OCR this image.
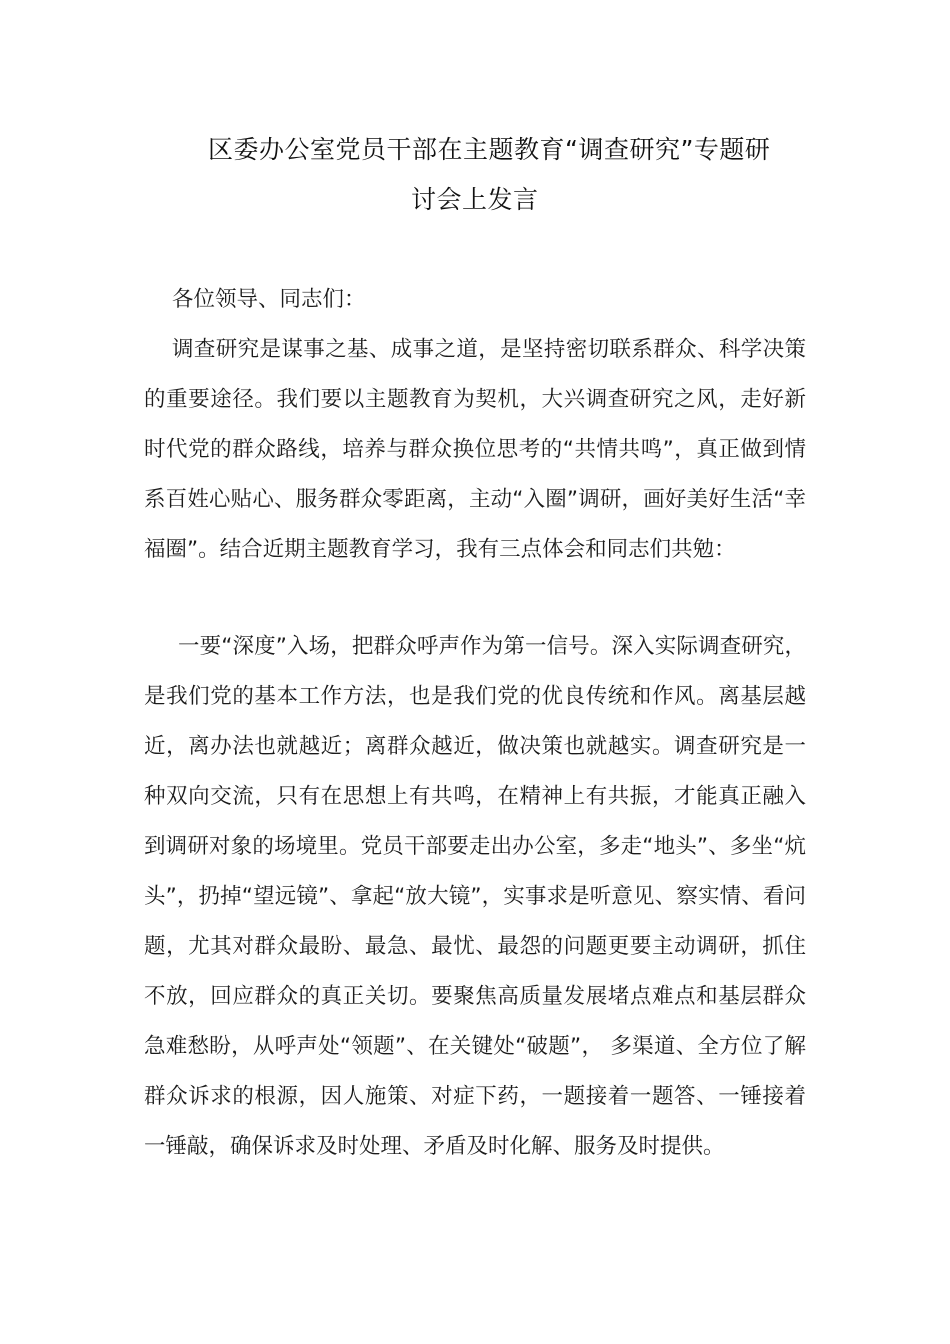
区委办公室党员干部在主题教育“调查研究”专题研
讨会上发言
各位领导、同志们：
调查研究是谋事之基、成事之道，是坚持密切联系群众、科学决策的重要途径。我们要以主题教育为契机，大兴调查研究之风，走好新时代党的群众路线，培养与群众换位思考的“共情共鸣”，真正做到情系百姓心贴心、服务群众零距离，主动“入圈”调研，画好美好生活“幸福圈”。结合近期主题教育学习，我有三点体会和同志们共勉：
一要“深度”入场，把群众呼声作为第一信号。深入实际调查研究，是我们党的基本工作方法，也是我们党的优良传统和作风。离基层越近，离办法也就越近；离群众越近，做决策也就越实。调查研究是一种双向交流，只有在思想上有共鸣，在精神上有共振，才能真正融入到调研对象的场境里。党员干部要走出办公室，多走“地头”、多坐“炕头”，扔掉“望远镜”、拿起“放大镜”，实事求是听意见、察实情、看问题，尤其对群众最盼、最急、最忧、最怨的问题更要主动调研，抓住不放，回应群众的真正关切。要聚焦高质量发展堵点难点和基层群众急难愁盼，从呼声处“领题”、在关键处“破题”， 多渠道、全方位了解群众诉求的根源，因人施策、对症下药，一题接着一题答、一锤接着一锤敲，确保诉求及时处理、矛盾及时化解、服务及时提供。
